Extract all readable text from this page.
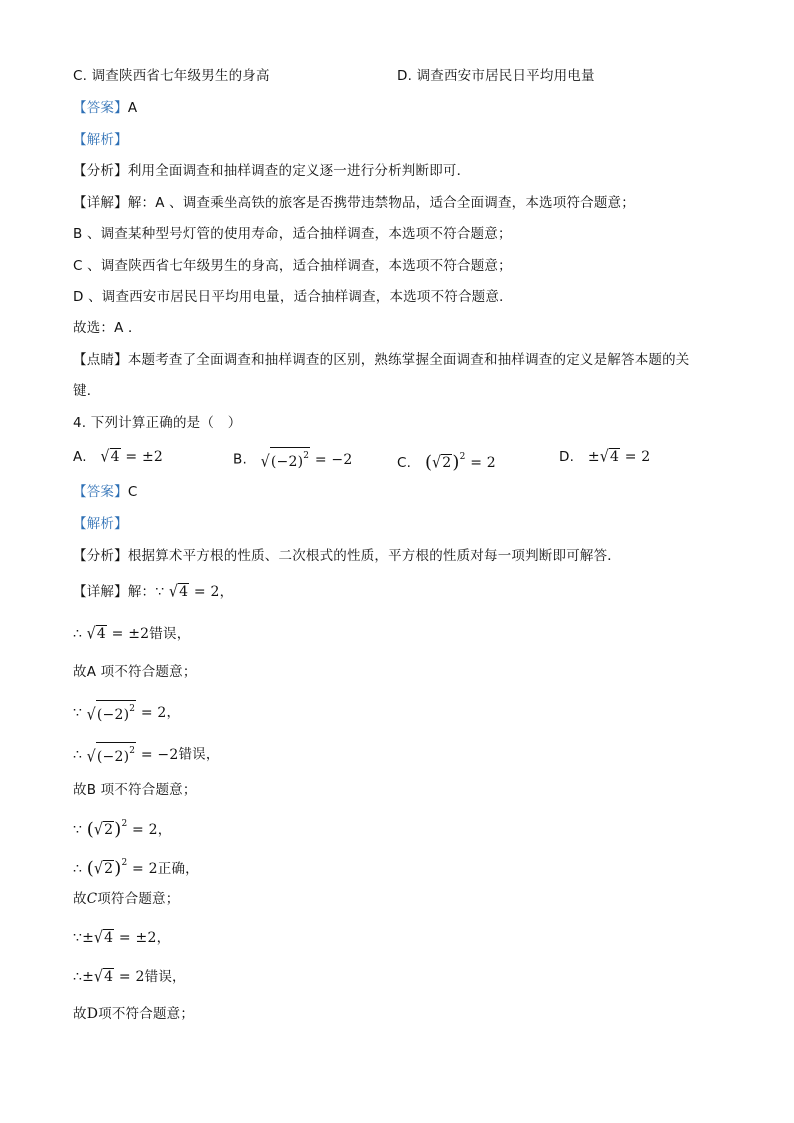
C. 调查陕西省七年级男生的身高	D. 调查西安市居民日平均用电量
【答案】A
【解析】
【分析】利用全面调查和抽样调查的定义逐一进行分析判断即可．
【详解】解：A 、调查乘坐高铁的旅客是否携带违禁物品，适合全面调查，本选项符合题意；
B 、调查某种型号灯管的使用寿命，适合抽样调查，本选项不符合题意；
C 、调查陕西省七年级男生的身高，适合抽样调查，本选项不符合题意；
D 、调查西安市居民日平均用电量，适合抽样调查，本选项不符合题意．
故选：A ．
【点睛】本题考查了全面调查和抽样调查的区别，熟练掌握全面调查和抽样调查的定义是解答本题的关
键．
4. 下列计算正确的是（　）
A. √4 = ±2	B. $√(-2)^2 = -2$	C. $(√2)^2 = 2$	D.   ±√4 = 2
【答案】C
【解析】
【分析】根据算术平方根的性质、二次根式的性质，平方根的性质对每一项判断即可解答．
【详解】解：∵ √4 = 2，
∴ √4 = ±2错误，
故A 项不符合题意；
∵ $√(-2)^2 = 2$，
∴ $√(-2)^2 = -2$错误，
故B 项不符合题意；
∵ $(√2)^2 = 2$，
∴ $(√2)^2 = 2$正确，
故C项符合题意；
∵±√4 = ±2，
∴±√4 = 2错误，
故D项不符合题意；
